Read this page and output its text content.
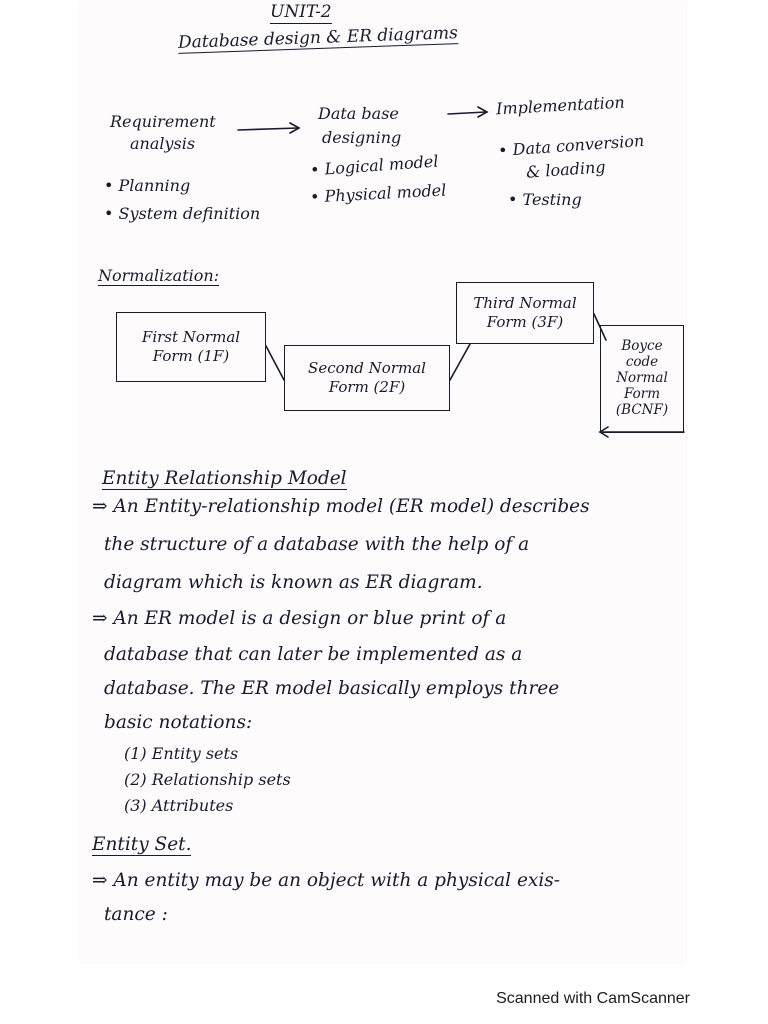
UNIT-2
Database design & ER diagrams
Requirement
analysis
Data base
designing
Implementation
• Planning
• System definition
• Logical model
• Physical model
• Data conversion
& loading
• Testing
Normalization:
First Normal
Form (1F)
Second Normal
Form (2F)
Third Normal
Form (3F)
Boyce
code
Normal
Form
(BCNF)
Entity Relationship Model
⇒ An Entity-relationship model (ER model) describes
the structure of a database with the help of a
diagram which is known as ER diagram.
⇒ An ER model is a design or blue print of a
database that can later be implemented as a
database. The ER model basically employs three
basic notations:
(1) Entity sets
(2) Relationship sets
(3) Attributes
Entity Set.
⇒ An entity may be an object with a physical exis-
tance :
Scanned with CamScanner
